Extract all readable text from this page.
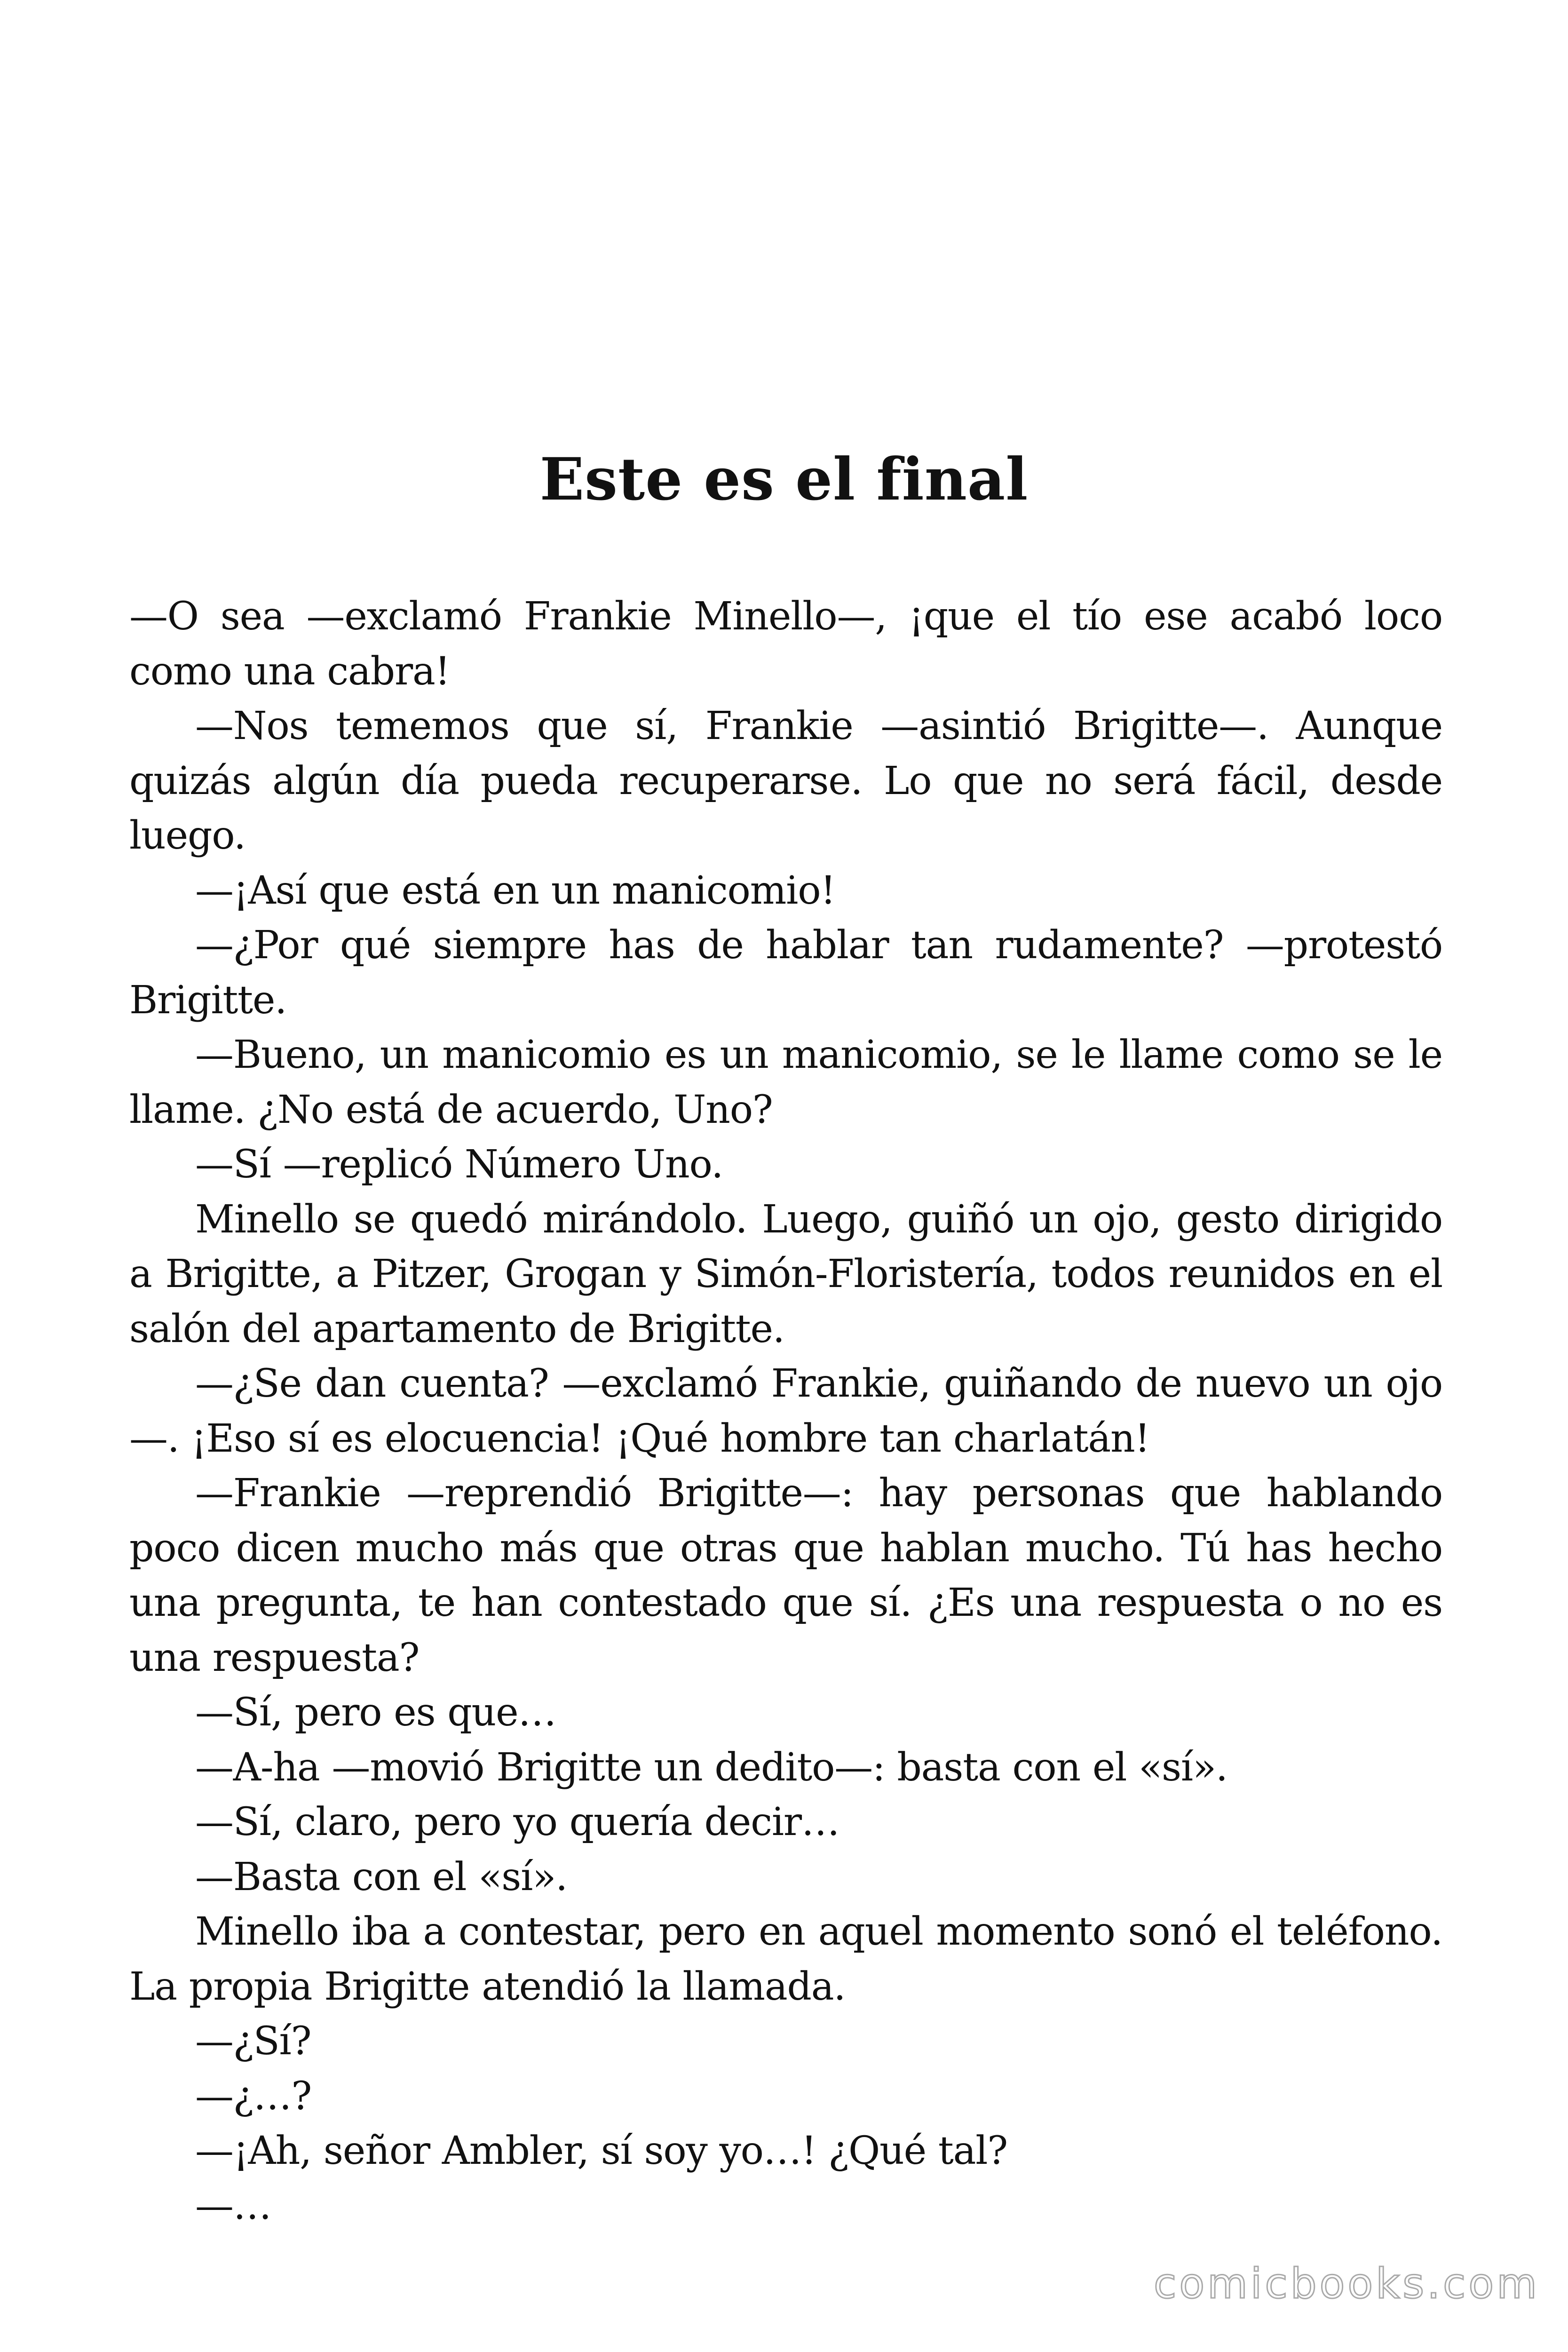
Este es el final

—O sea —exclamó Frankie Minello—, ¡que el tío ese acabó loco como una cabra!

—Nos tememos que sí, Frankie —asintió Brigitte—. Aunque quizás algún día pueda recuperarse. Lo que no será fácil, desde luego.

—¡Así que está en un manicomio!

—¿Por qué siempre has de hablar tan rudamente? —protestó Brigitte.

—Bueno, un manicomio es un manicomio, se le llame como se le llame. ¿No está de acuerdo, Uno?

—Sí —replicó Número Uno.

Minello se quedó mirándolo. Luego, guiñó un ojo, gesto dirigido a Brigitte, a Pitzer, Grogan y Simón-Floristería, todos reunidos en el salón del apartamento de Brigitte.

—¿Se dan cuenta? —exclamó Frankie, guiñando de nuevo un ojo—. ¡Eso sí es elocuencia! ¡Qué hombre tan charlatán!

—Frankie —reprendió Brigitte—: hay personas que hablando poco dicen mucho más que otras que hablan mucho. Tú has hecho una pregunta, te han contestado que sí. ¿Es una respuesta o no es una respuesta?

—Sí, pero es que…

—A-ha —movió Brigitte un dedito—: basta con el «sí».

—Sí, claro, pero yo quería decir…

—Basta con el «sí».

Minello iba a contestar, pero en aquel momento sonó el teléfono. La propia Brigitte atendió la llamada.

—¿Sí?

—¿…?

—¡Ah, señor Ambler, sí soy yo…! ¿Qué tal?

—…

comicbooks.com
